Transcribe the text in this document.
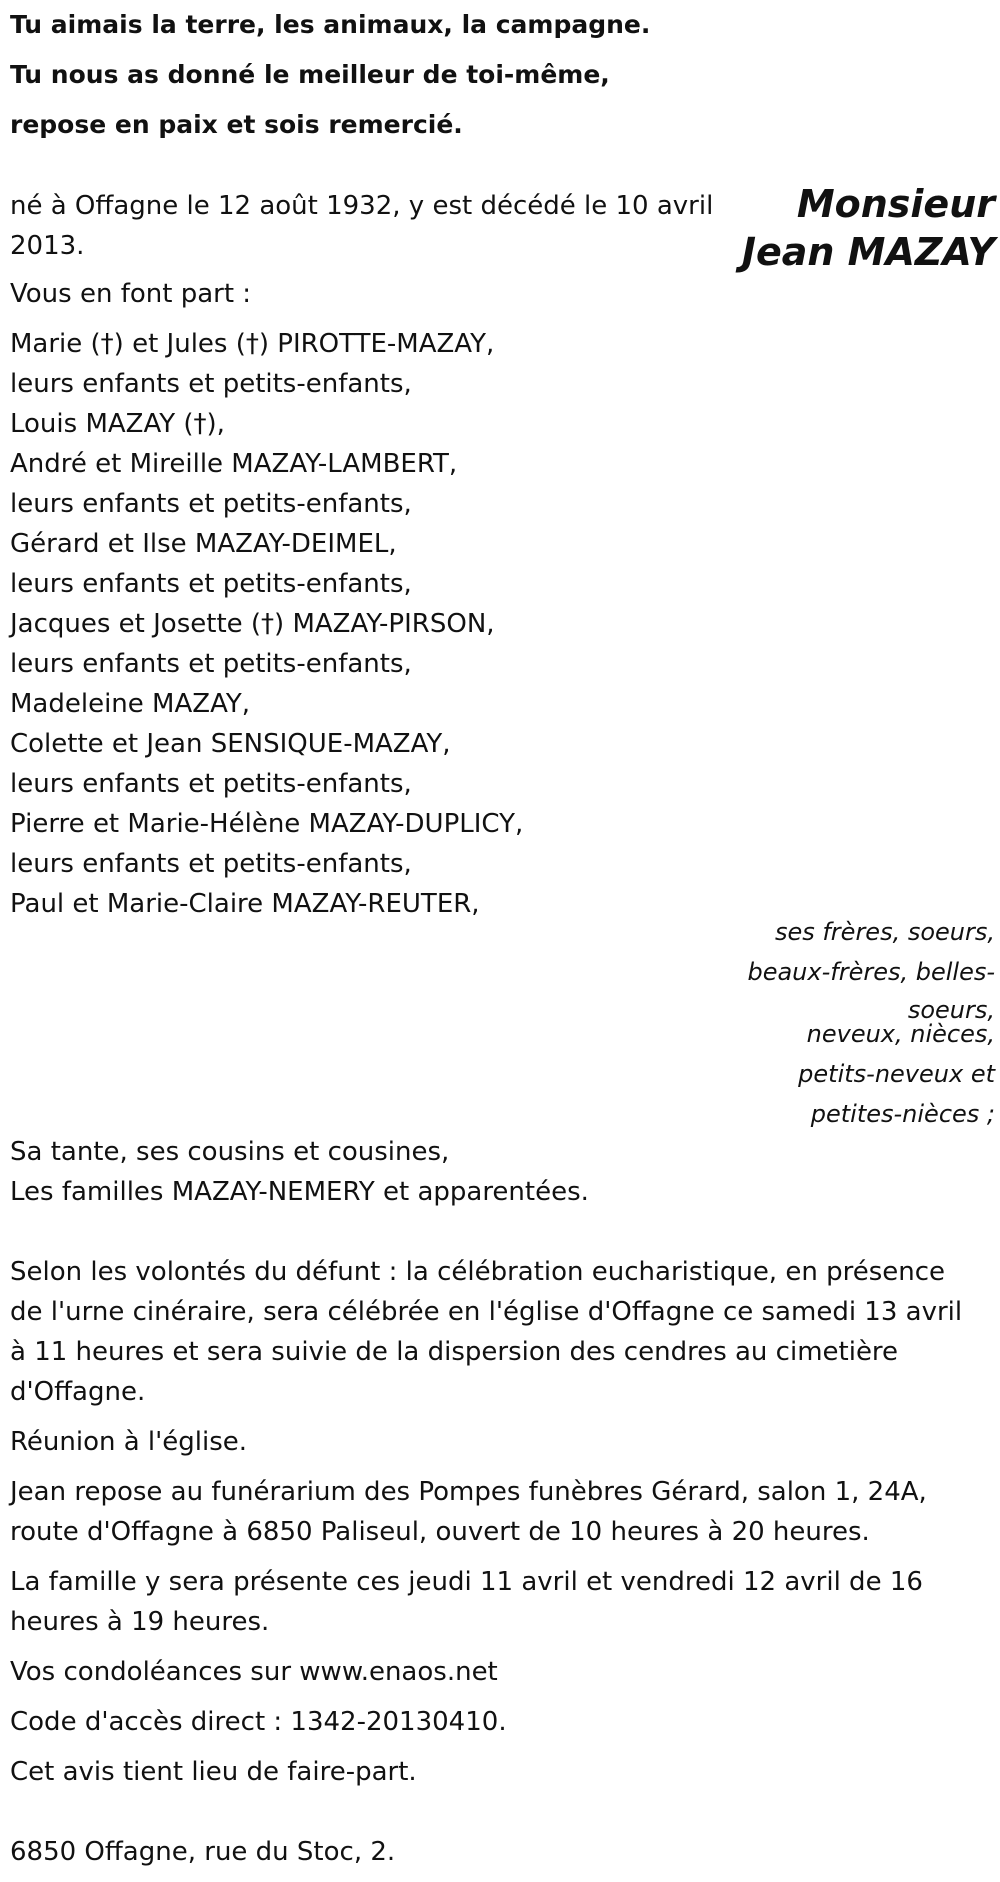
Tu aimais la terre, les animaux, la campagne.
Tu nous as donné le meilleur de toi-même,
repose en paix et sois remercié.
Monsieur
Jean MAZAY
né à Offagne le 12 août 1932, y est décédé le 10 avril
2013.
Vous en font part :
Marie (†) et Jules (†) PIROTTE-MAZAY,
leurs enfants et petits-enfants,
Louis MAZAY (†),
André et Mireille MAZAY-LAMBERT,
leurs enfants et petits-enfants,
Gérard et Ilse MAZAY-DEIMEL,
leurs enfants et petits-enfants,
Jacques et Josette (†) MAZAY-PIRSON,
leurs enfants et petits-enfants,
Madeleine MAZAY,
Colette et Jean SENSIQUE-MAZAY,
leurs enfants et petits-enfants,
Pierre et Marie-Hélène MAZAY-DUPLICY,
leurs enfants et petits-enfants,
Paul et Marie-Claire MAZAY-REUTER,
ses frères, soeurs,
beaux-frères, belles-
soeurs,
neveux, nièces,
petits-neveux et
petites-nièces ;
Sa tante, ses cousins et cousines,
Les familles MAZAY-NEMERY et apparentées.
Selon les volontés du défunt : la célébration eucharistique, en présence de l'urne cinéraire, sera célébrée en l'église d'Offagne ce samedi 13 avril à 11 heures et sera suivie de la dispersion des cendres au cimetière d'Offagne.
Réunion à l'église.
Jean repose au funérarium des Pompes funèbres Gérard, salon 1, 24A, route d'Offagne à 6850 Paliseul, ouvert de 10 heures à 20 heures.
La famille y sera présente ces jeudi 11 avril et vendredi 12 avril de 16 heures à 19 heures.
Vos condoléances sur www.enaos.net
Code d'accès direct : 1342-20130410.
Cet avis tient lieu de faire-part.
6850 Offagne, rue du Stoc, 2.
